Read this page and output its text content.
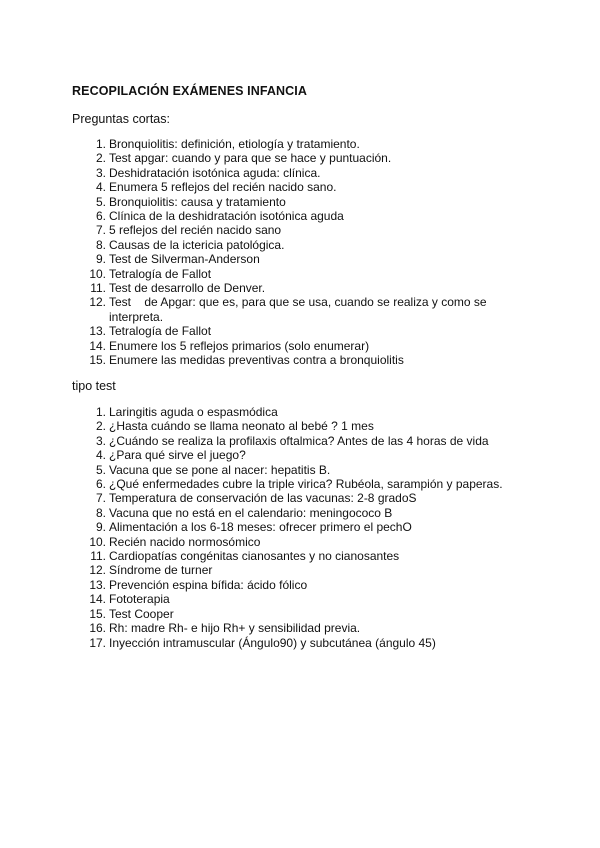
RECOPILACIÓN EXÁMENES INFANCIA
Preguntas cortas:
1. Bronquiolitis: definición, etiología y tratamiento.
2. Test apgar: cuando y para que se hace y puntuación.
3. Deshidratación isotónica aguda: clínica.
4. Enumera 5 reflejos del recién nacido sano.
5. Bronquiolitis: causa y tratamiento
6. Clínica de la deshidratación isotónica aguda
7. 5 reflejos del recién nacido sano
8. Causas de la ictericia patológica.
9. Test de Silverman-Anderson
10. Tetralogía de Fallot
11. Test de desarrollo de Denver.
12. Test    de Apgar: que es, para que se usa, cuando se realiza y como se interpreta.
13. Tetralogía de Fallot
14. Enumere los 5 reflejos primarios (solo enumerar)
15. Enumere las medidas preventivas contra a bronquiolitis
tipo test
1. Laringitis aguda o espasmódica
2. ¿Hasta cuándo se llama neonato al bebé ? 1 mes
3. ¿Cuándo se realiza la profilaxis oftalmica? Antes de las 4 horas de vida
4. ¿Para qué sirve el juego?
5. Vacuna que se pone al nacer: hepatitis B.
6. ¿Qué enfermedades cubre la triple virica? Rubéola, sarampión y paperas.
7. Temperatura de conservación de las vacunas: 2-8 gradoS
8. Vacuna que no está en el calendario: meningococo B
9. Alimentación a los 6-18 meses: ofrecer primero el pechO
10. Recién nacido normosómico
11. Cardiopatías congénitas cianosantes y no cianosantes
12. Síndrome de turner
13. Prevención espina bífida: ácido fólico
14. Fototerapia
15. Test Cooper
16. Rh: madre Rh- e hijo Rh+ y sensibilidad previa.
17. Inyección intramuscular (Ángulo90) y subcutánea (ángulo 45)
